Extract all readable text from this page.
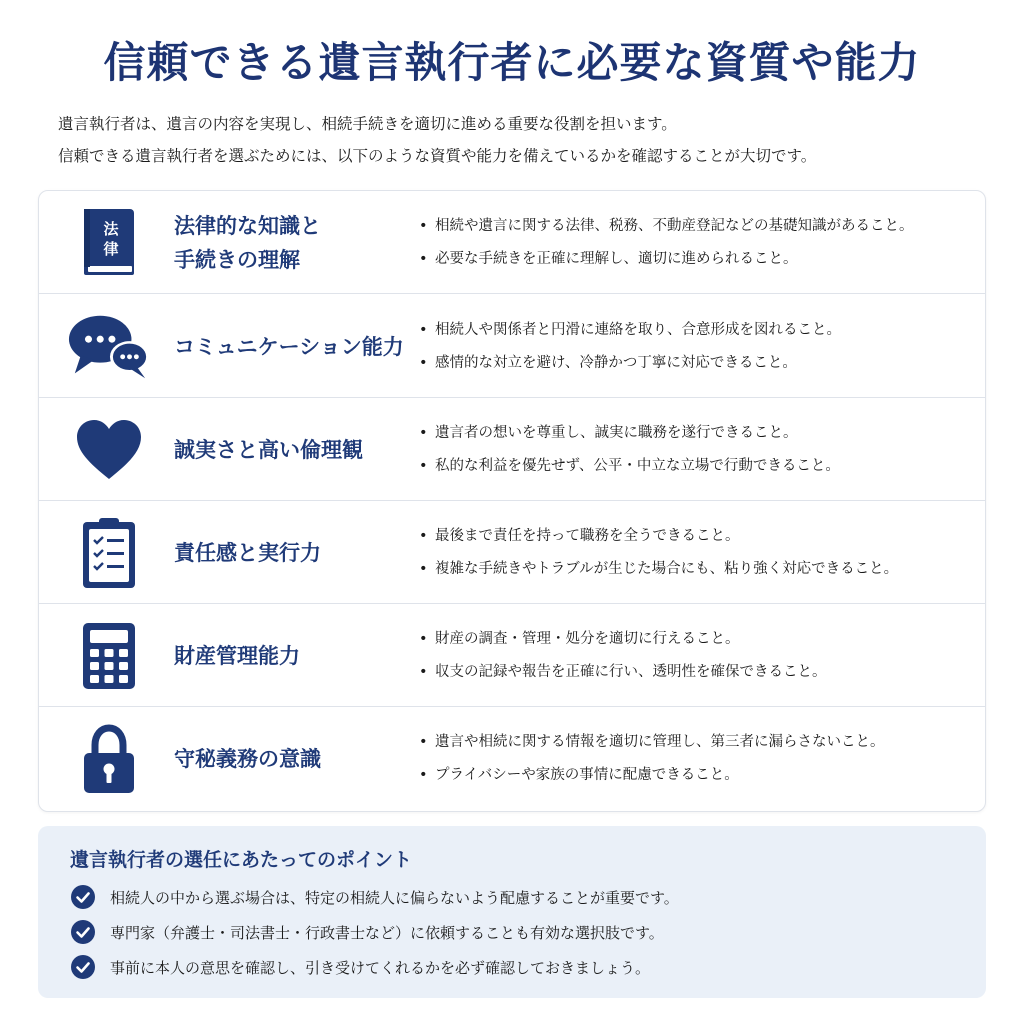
信頼できる遺言執行者に必要な資質や能力

遺言執行者は、遺言の内容を実現し、相続手続きを適切に進める重要な役割を担います。

信頼できる遺言執行者を選ぶためには、以下のような資質や能力を備えているかを確認することが大切です。

法
律
法律的な知識と
手続きの理解
• 相続や遺言に関する法律、税務、不動産登記などの基礎知識があること。
• 必要な手続きを正確に理解し、適切に進められること。
コミュニケーション能力
• 相続人や関係者と円滑に連絡を取り、合意形成を図れること。
• 感情的な対立を避け、冷静かつ丁寧に対応できること。
誠実さと高い倫理観
• 遺言者の想いを尊重し、誠実に職務を遂行できること。
• 私的な利益を優先せず、公平・中立な立場で行動できること。
責任感と実行力
• 最後まで責任を持って職務を全うできること。
• 複雑な手続きやトラブルが生じた場合にも、粘り強く対応できること。
財産管理能力
• 財産の調査・管理・処分を適切に行えること。
• 収支の記録や報告を正確に行い、透明性を確保できること。
守秘義務の意識
• 遺言や相続に関する情報を適切に管理し、第三者に漏らさないこと。
• プライバシーや家族の事情に配慮できること。
遺言執行者の選任にあたってのポイント
相続人の中から選ぶ場合は、特定の相続人に偏らないよう配慮することが重要です。
専門家（弁護士・司法書士・行政書士など）に依頼することも有効な選択肢です。
事前に本人の意思を確認し、引き受けてくれるかを必ず確認しておきましょう。
